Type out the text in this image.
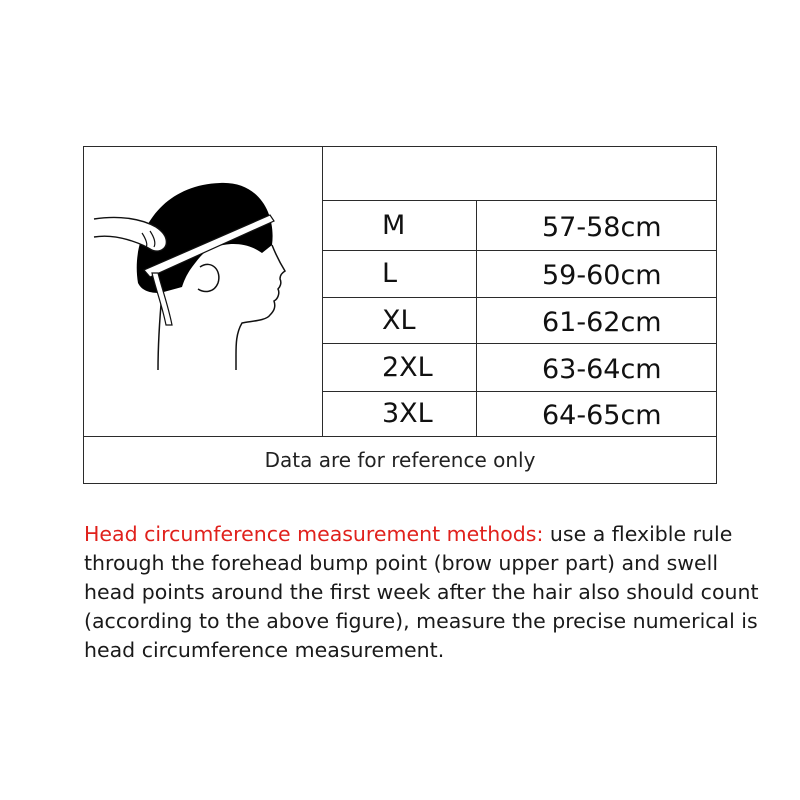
M	57-58cm
L	59-60cm
XL	61-62cm
2XL	63-64cm
3XL	64-65cm
Data are for reference only
Head circumference measurement methods: use a flexible rule through the forehead bump point (brow upper part) and swell head points around the first week after the hair also should count (according to the above figure), measure the precise numerical is head circumference measurement.
